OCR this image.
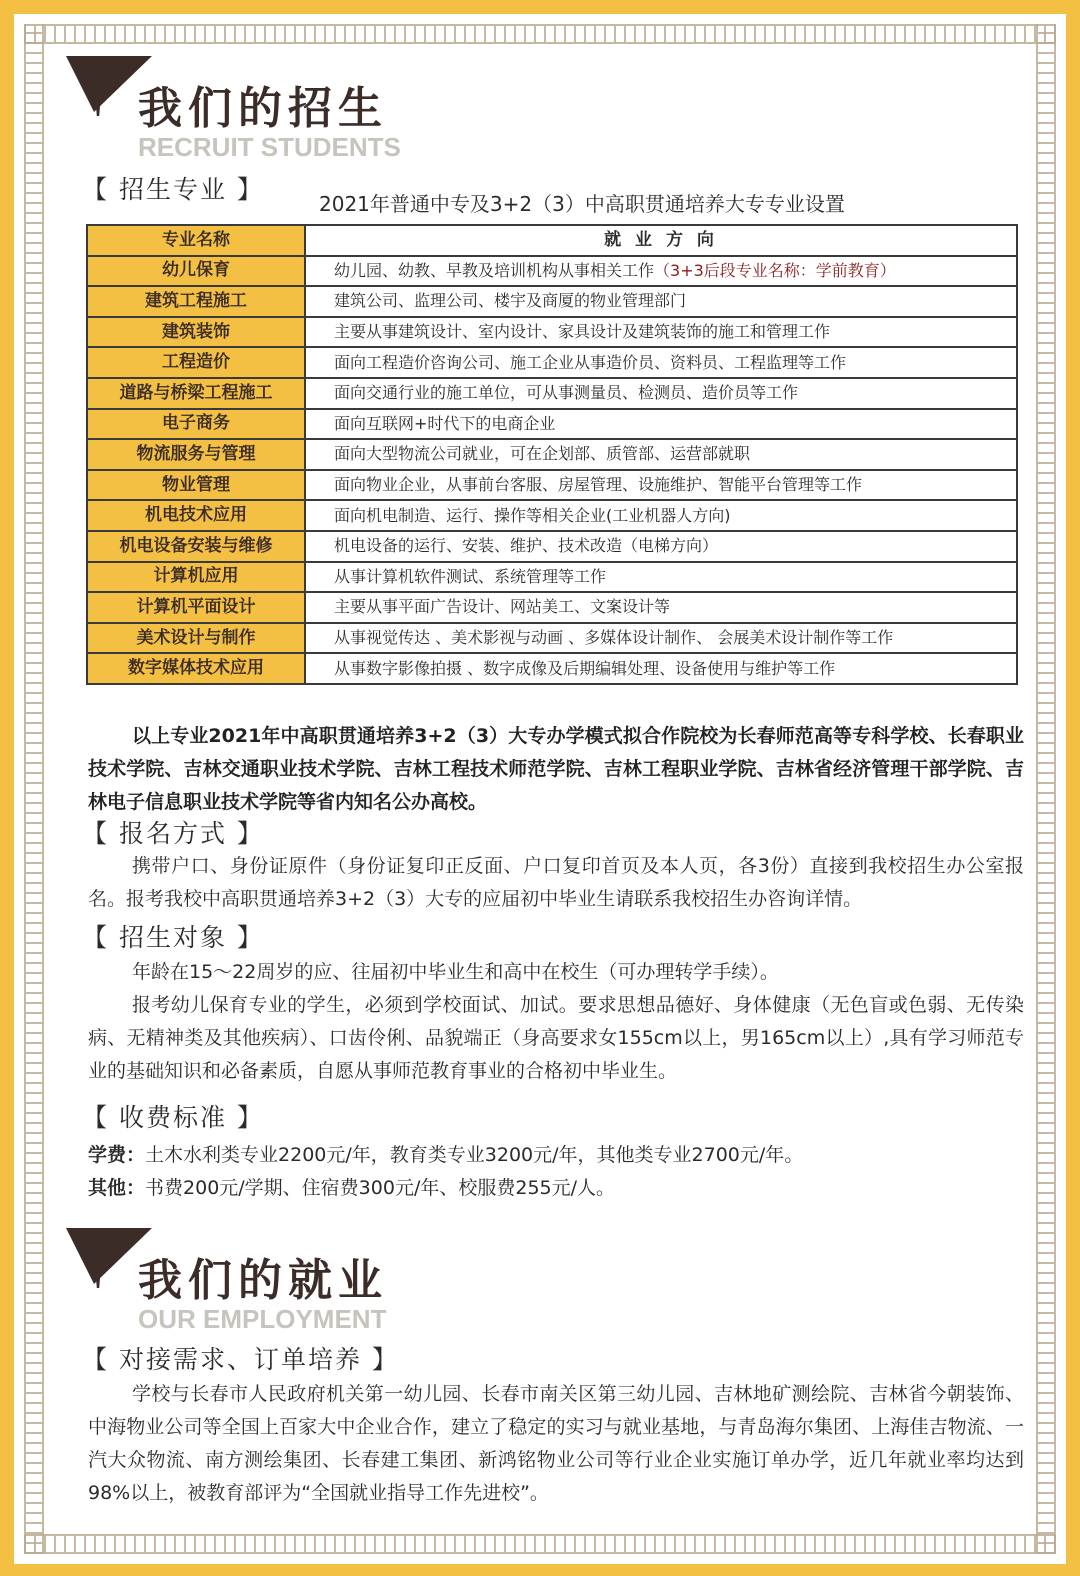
我们的招生
RECRUIT STUDENTS
【 招生专业 】	2021年普通中专及3+2（3）中高职贯通培养大专专业设置
专业名称	就 业 方 向
幼儿保育	幼儿园、幼教、早教及培训机构从事相关工作（3+3后段专业名称：学前教育）
建筑工程施工	建筑公司、监理公司、楼宇及商厦的物业管理部门
建筑装饰	主要从事建筑设计、室内设计、家具设计及建筑装饰的施工和管理工作
工程造价	面向工程造价咨询公司、施工企业从事造价员、资料员、工程监理等工作
道路与桥梁工程施工	面向交通行业的施工单位，可从事测量员、检测员、造价员等工作
电子商务	面向互联网+时代下的电商企业
物流服务与管理	面向大型物流公司就业，可在企划部、质管部、运营部就职
物业管理	面向物业企业，从事前台客服、房屋管理、设施维护、智能平台管理等工作
机电技术应用	面向机电制造、运行、操作等相关企业(工业机器人方向)
机电设备安装与维修	机电设备的运行、安装、维护、技术改造（电梯方向）
计算机应用	从事计算机软件测试、系统管理等工作
计算机平面设计	主要从事平面广告设计、网站美工、文案设计等
美术设计与制作	从事视觉传达 、美术影视与动画 、多媒体设计制作、 会展美术设计制作等工作
数字媒体技术应用	从事数字影像拍摄 、数字成像及后期编辑处理、设备使用与维护等工作
以上专业2021年中高职贯通培养3+2（3）大专办学模式拟合作院校为长春师范高等专科学校、长春职业技术学院、吉林交通职业技术学院、吉林工程技术师范学院、吉林工程职业学院、吉林省经济管理干部学院、吉林电子信息职业技术学院等省内知名公办高校。
【 报名方式 】
携带户口、身份证原件（身份证复印正反面、户口复印首页及本人页，各3份）直接到我校招生办公室报名。报考我校中高职贯通培养3+2（3）大专的应届初中毕业生请联系我校招生办咨询详情。
【 招生对象 】
年龄在15～22周岁的应、往届初中毕业生和高中在校生（可办理转学手续）。
报考幼儿保育专业的学生，必须到学校面试、加试。要求思想品德好、身体健康（无色盲或色弱、无传染病、无精神类及其他疾病）、口齿伶俐、品貌端正（身高要求女155cm以上，男165cm以上）,具有学习师范专业的基础知识和必备素质，自愿从事师范教育事业的合格初中毕业生。
【 收费标准 】
学费：土木水利类专业2200元/年，教育类专业3200元/年，其他类专业2700元/年。
其他：书费200元/学期、住宿费300元/年、校服费255元/人。
我们的就业
OUR EMPLOYMENT
【 对接需求、订单培养 】
学校与长春市人民政府机关第一幼儿园、长春市南关区第三幼儿园、吉林地矿测绘院、吉林省今朝装饰、中海物业公司等全国上百家大中企业合作，建立了稳定的实习与就业基地，与青岛海尔集团、上海佳吉物流、一汽大众物流、南方测绘集团、长春建工集团、新鸿铭物业公司等行业企业实施订单办学，近几年就业率均达到98%以上，被教育部评为“全国就业指导工作先进校”。
